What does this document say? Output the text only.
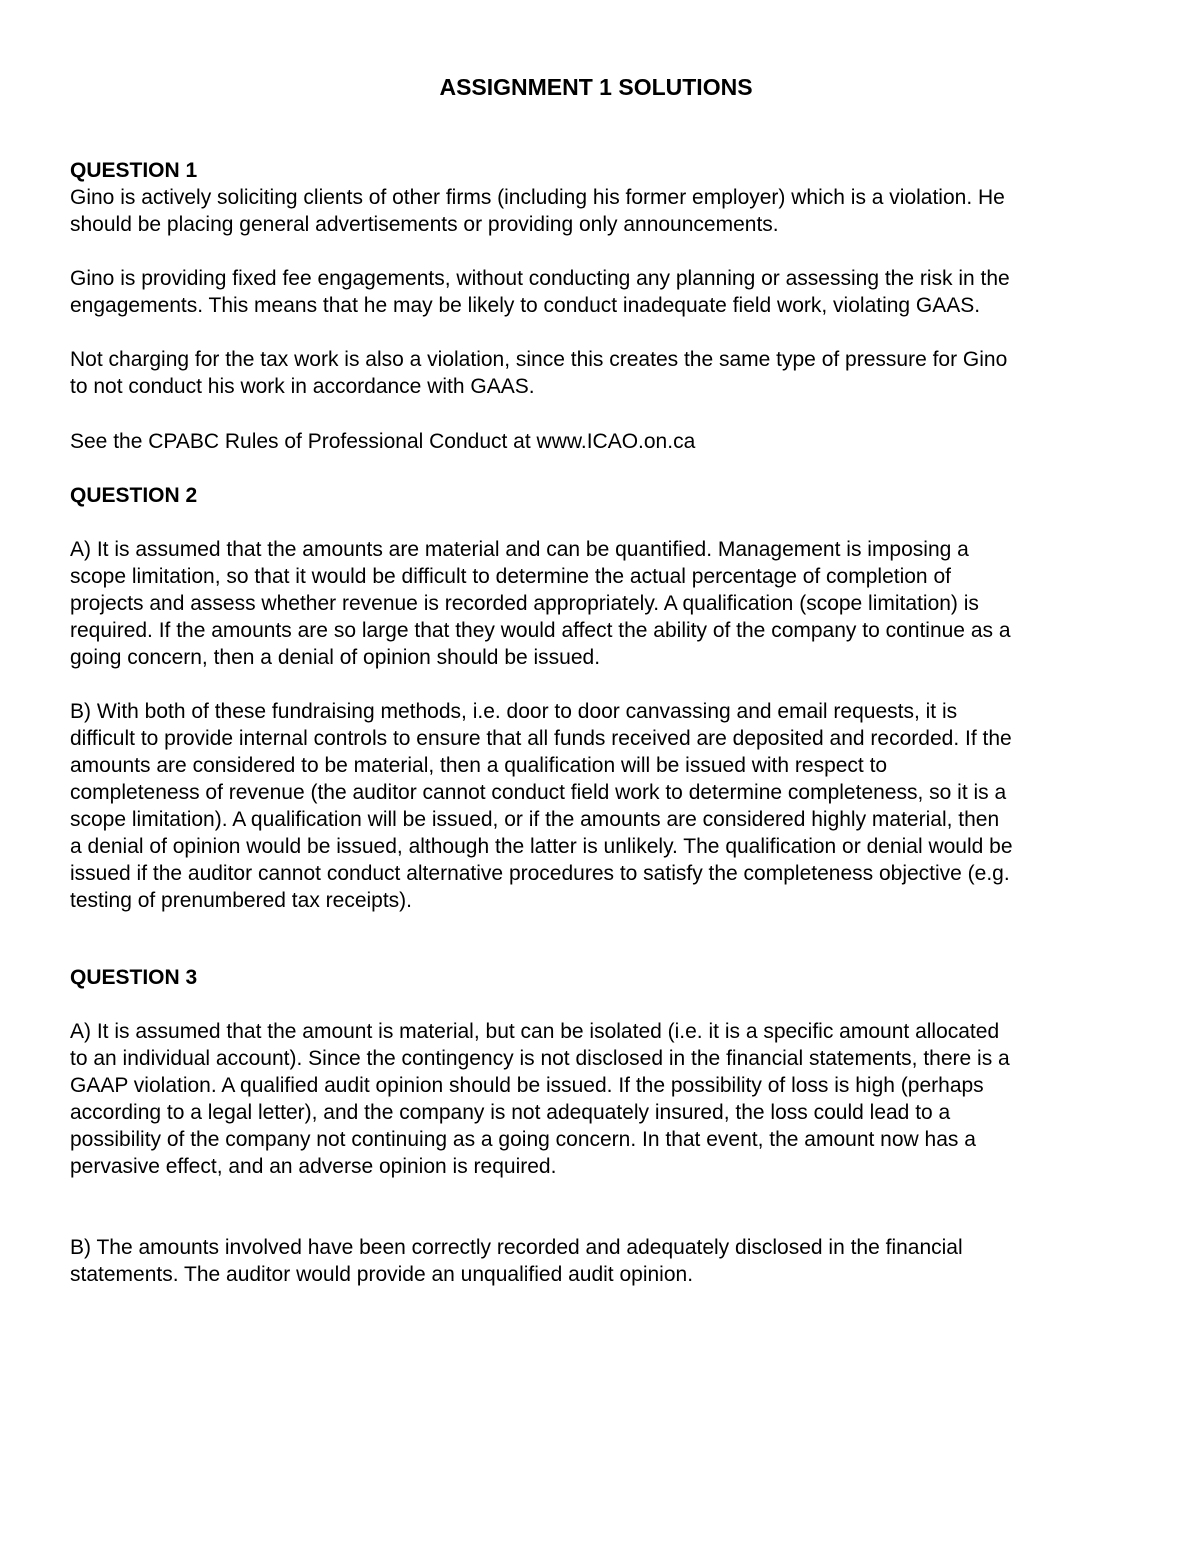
ASSIGNMENT 1 SOLUTIONS
QUESTION 1

Gino is actively soliciting clients of other firms (including his former employer) which is a violation. He
should be placing general advertisements or providing only announcements.

Gino is providing fixed fee engagements, without conducting any planning or assessing the risk in the
engagements. This means that he may be likely to conduct inadequate field work, violating GAAS.

Not charging for the tax work is also a violation, since this creates the same type of pressure for Gino
to not conduct his work in accordance with GAAS.

See the CPABC Rules of Professional Conduct at www.ICAO.on.ca

QUESTION 2

A) It is assumed that the amounts are material and can be quantified. Management is imposing a
scope limitation, so that it would be difficult to determine the actual percentage of completion of
projects and assess whether revenue is recorded appropriately. A qualification (scope limitation) is
required. If the amounts are so large that they would affect the ability of the company to continue as a
going concern, then a denial of opinion should be issued.

B) With both of these fundraising methods, i.e. door to door canvassing and email requests, it is
difficult to provide internal controls to ensure that all funds received are deposited and recorded. If the
amounts are considered to be material, then a qualification will be issued with respect to
completeness of revenue (the auditor cannot conduct field work to determine completeness, so it is a
scope limitation). A qualification will be issued, or if the amounts are considered highly material, then
a denial of opinion would be issued, although the latter is unlikely. The qualification or denial would be
issued if the auditor cannot conduct alternative procedures to satisfy the completeness objective (e.g.
testing of prenumbered tax receipts).

QUESTION 3

A) It is assumed that the amount is material, but can be isolated (i.e. it is a specific amount allocated
to an individual account). Since the contingency is not disclosed in the financial statements, there is a
GAAP violation. A qualified audit opinion should be issued. If the possibility of loss is high (perhaps
according to a legal letter), and the company is not adequately insured, the loss could lead to a
possibility of the company not continuing as a going concern. In that event, the amount now has a
pervasive effect, and an adverse opinion is required.

B) The amounts involved have been correctly recorded and adequately disclosed in the financial
statements. The auditor would provide an unqualified audit opinion.
